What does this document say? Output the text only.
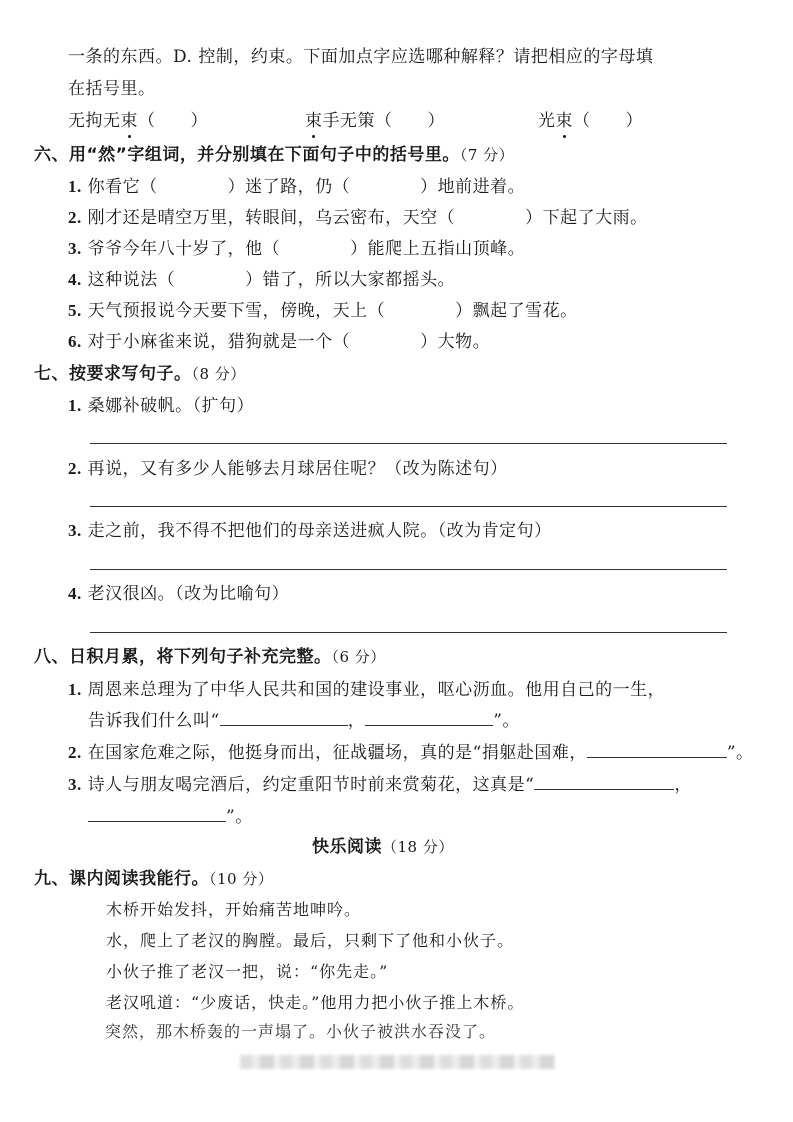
一条的东西。D. 控制，约束。下面加点字应选哪种解释？请把相应的字母填
在括号里。
无拘无束（　　）	束手无策（　　）	光束（　　）
六、用“然”字组词，并分别填在下面句子中的括号里。（7 分）
1. 你看它（　　　　）迷了路，仍（　　　　）地前进着。
2. 刚才还是晴空万里，转眼间，乌云密布，天空（　　　　）下起了大雨。
3. 爷爷今年八十岁了，他（　　　　）能爬上五指山顶峰。
4. 这种说法（　　　　）错了，所以大家都摇头。
5. 天气预报说今天要下雪，傍晚，天上（　　　　）飘起了雪花。
6. 对于小麻雀来说，猎狗就是一个（　　　　）大物。
七、按要求写句子。（8 分）
1. 桑娜补破帆。（扩句）
2. 再说，又有多少人能够去月球居住呢？（改为陈述句）
3. 走之前，我不得不把他们的母亲送进疯人院。（改为肯定句）
4. 老汉很凶。（改为比喻句）
八、日积月累，将下列句子补充完整。（6 分）
1. 周恩来总理为了中华人民共和国的建设事业，呕心沥血。他用自己的一生，
告诉我们什么叫“	，	”。
2. 在国家危难之际，他挺身而出，征战疆场，真的是“捐躯赴国难，	”。
3. 诗人与朋友喝完酒后，约定重阳节时前来赏菊花，这真是“	，
”。
快乐阅读（18 分）
九、课内阅读我能行。（10 分）
木桥开始发抖，开始痛苦地呻吟。
水，爬上了老汉的胸膛。最后，只剩下了他和小伙子。
小伙子推了老汉一把，说：“你先走。”
老汉吼道：“少废话，快走。”他用力把小伙子推上木桥。
突然，那木桥轰的一声塌了。小伙子被洪水吞没了。
